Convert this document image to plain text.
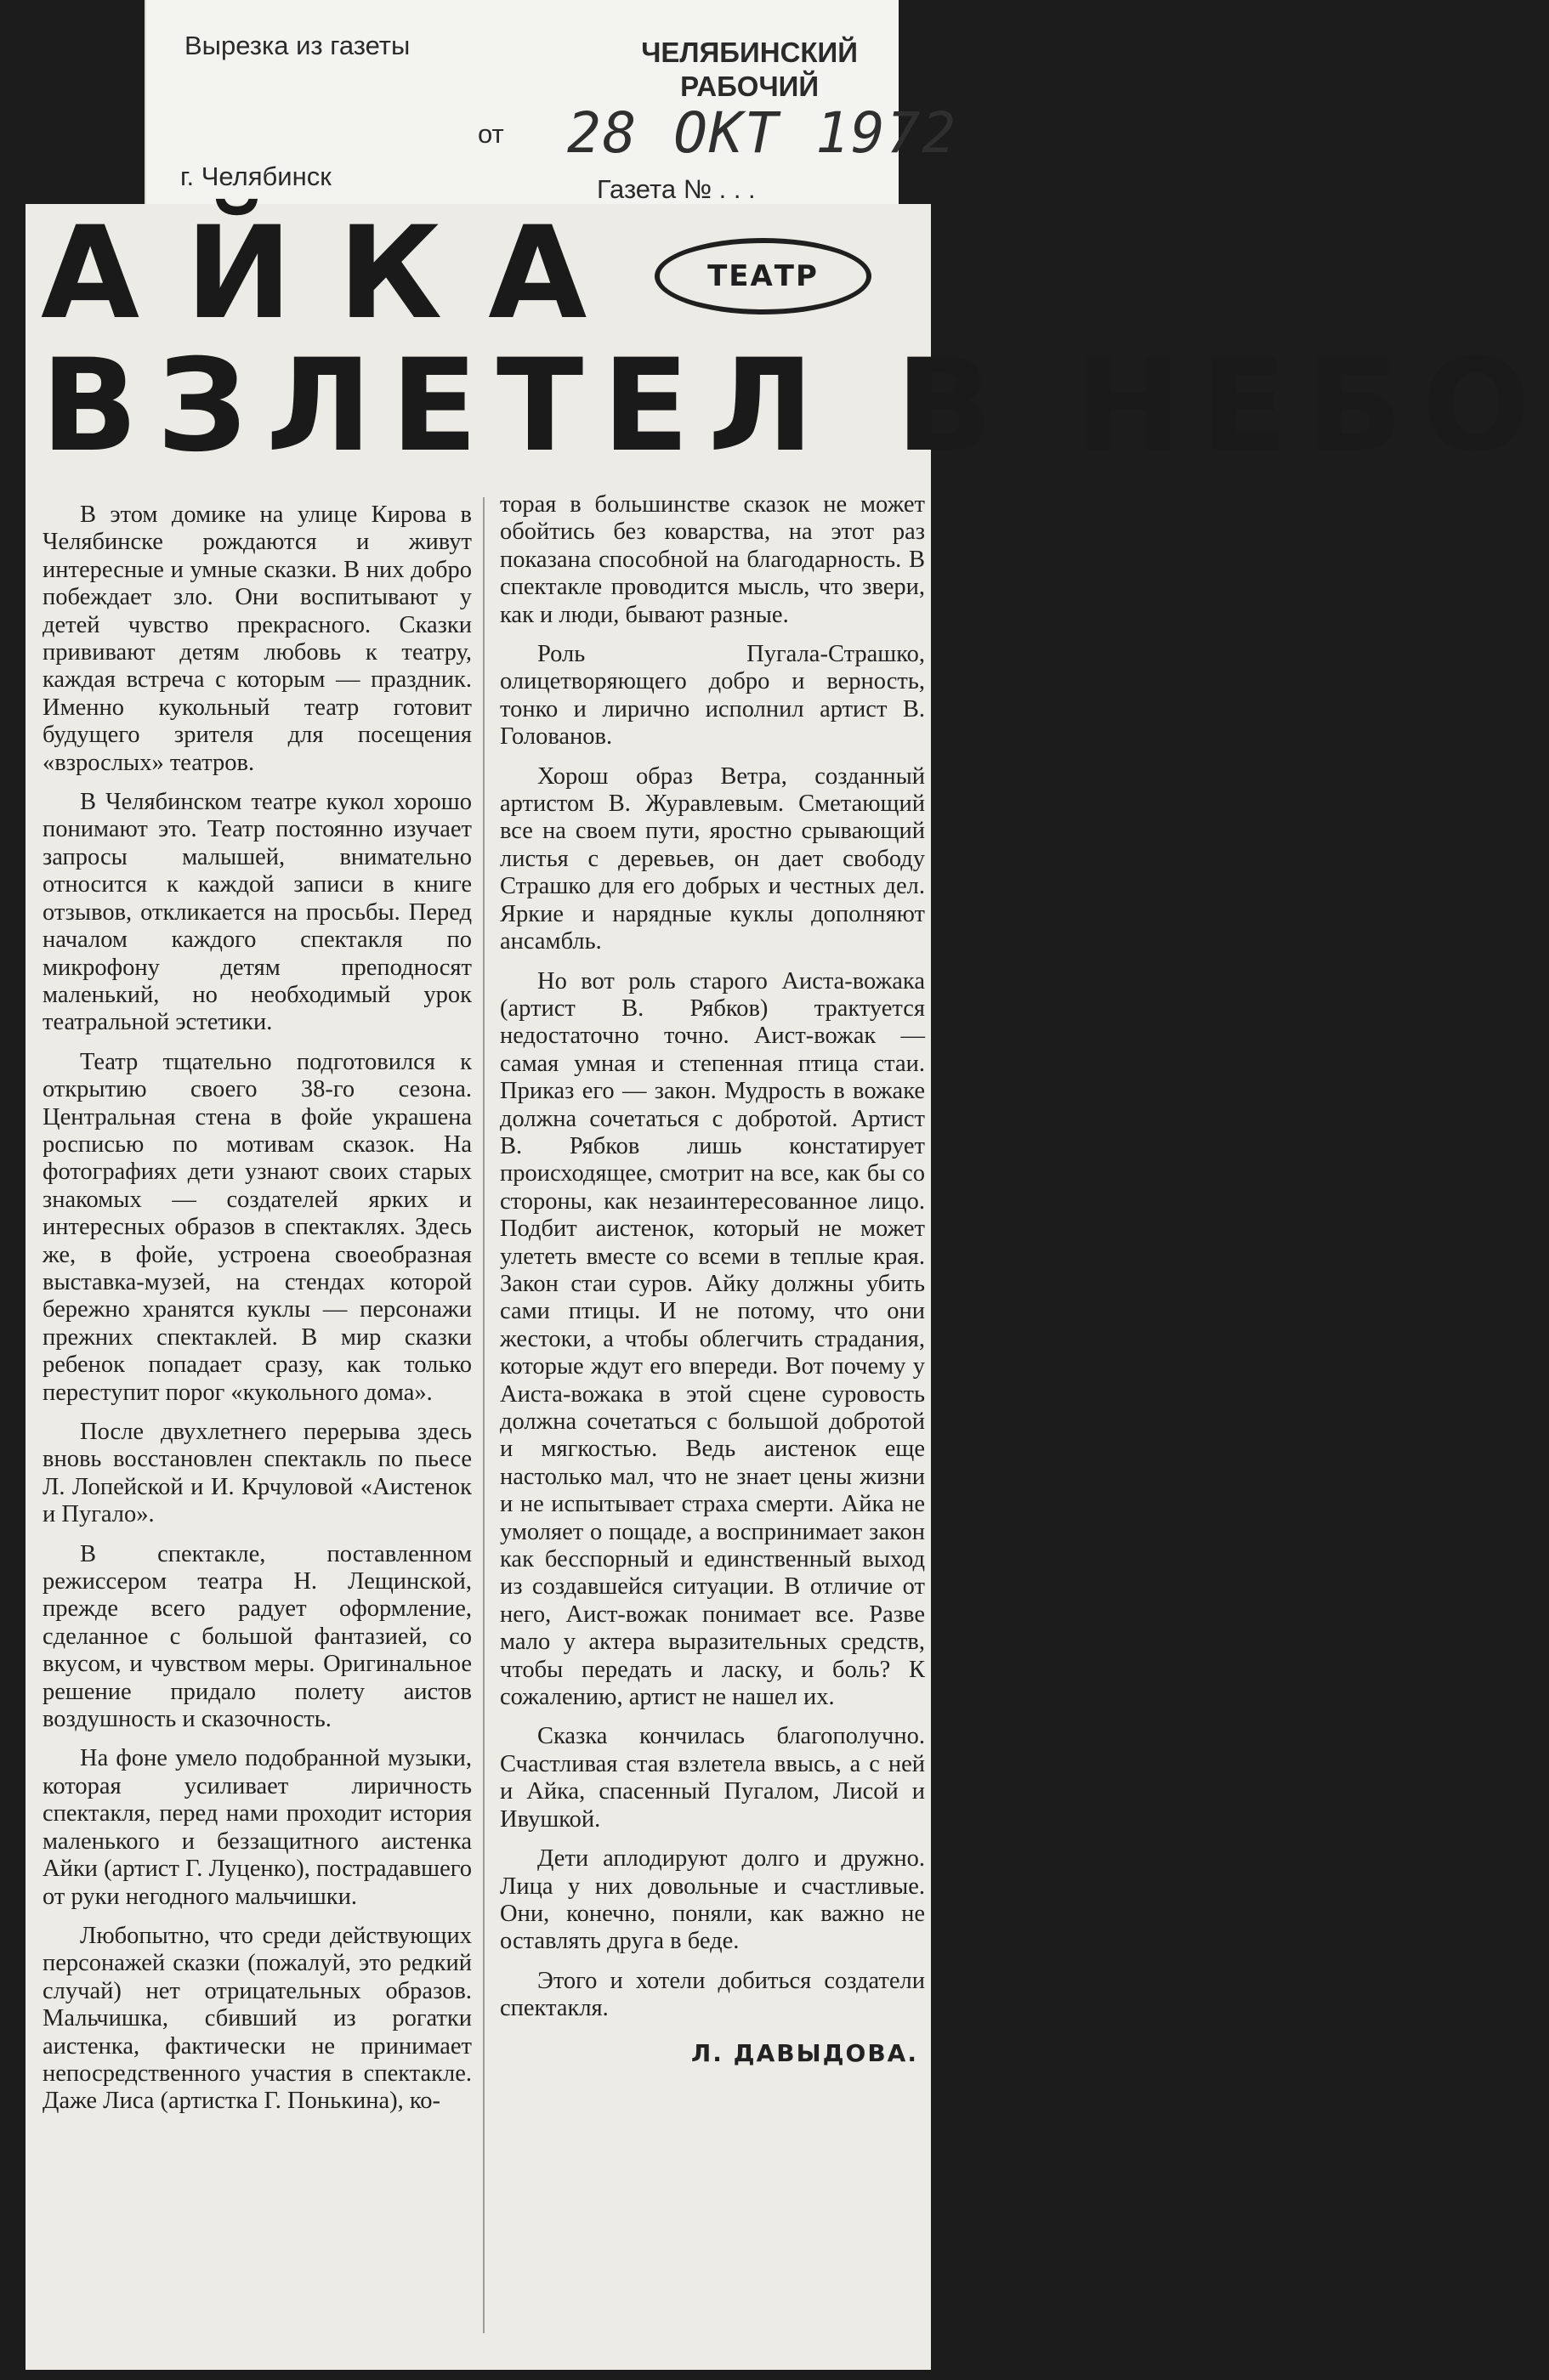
Вырезка из газеты	ЧЕЛЯБИНСКИЙ
РАБОЧИЙ
от 28 ОКТ 1972
г. Челябинск	Газета № . . .
АЙКА	ТЕАТР
ВЗЛЕТЕЛ В НЕБО

В этом домике на улице Кирова в Челябинске рождаются и живут интересные и умные сказки. В них добро побеждает зло. Они воспитывают у детей чувство прекрасного. Сказки прививают детям любовь к театру, каждая встреча с которым — праздник. Именно кукольный театр готовит будущего зрителя для посещения «взрослых» театров.

В Челябинском театре кукол хорошо понимают это. Театр постоянно изучает запросы малышей, внимательно относится к каждой записи в книге отзывов, откликается на просьбы. Перед началом каждого спектакля по микрофону детям преподносят маленький, но необходимый урок театральной эстетики.

Театр тщательно подготовился к открытию своего 38-го сезона. Центральная стена в фойе украшена росписью по мотивам сказок. На фотографиях дети узнают своих старых знакомых — создателей ярких и интересных образов в спектаклях. Здесь же, в фойе, устроена своеобразная выставка-музей, на стендах которой бережно хранятся куклы — персонажи прежних спектаклей. В мир сказки ребенок попадает сразу, как только переступит порог «кукольного дома».

После двухлетнего перерыва здесь вновь восстановлен спектакль по пьесе Л. Лопейской и И. Крчуловой «Аистенок и Пугало».

В спектакле, поставленном режиссером театра Н. Лещинской, прежде всего радует оформление, сделанное с большой фантазией, со вкусом, и чувством меры. Оригинальное решение придало полету аистов воздушность и сказочность.

На фоне умело подобранной музыки, которая усиливает лиричность спектакля, перед нами проходит история маленького и беззащитного аистенка Айки (артист Г. Луценко), пострадавшего от руки негодного мальчишки.

Любопытно, что среди действующих персонажей сказки (пожалуй, это редкий случай) нет отрицательных образов. Мальчишка, сбивший из рогатки аистенка, фактически не принимает непосредственного участия в спектакле. Даже Лиса (артистка Г. Понькина), ко-

торая в большинстве сказок не может обойтись без коварства, на этот раз показана способной на благодарность. В спектакле проводится мысль, что звери, как и люди, бывают разные.

Роль Пугала-Страшко, олицетворяющего добро и верность, тонко и лирично исполнил артист В. Голованов.

Хорош образ Ветра, созданный артистом В. Журавлевым. Сметающий все на своем пути, яростно срывающий листья с деревьев, он дает свободу Страшко для его добрых и честных дел. Яркие и нарядные куклы дополняют ансамбль.

Но вот роль старого Аиста-вожака (артист В. Рябков) трактуется недостаточно точно. Аист-вожак — самая умная и степенная птица стаи. Приказ его — закон. Мудрость в вожаке должна сочетаться с добротой. Артист В. Рябков лишь констатирует происходящее, смотрит на все, как бы со стороны, как незаинтересованное лицо. Подбит аистенок, который не может улететь вместе со всеми в теплые края. Закон стаи суров. Айку должны убить сами птицы. И не потому, что они жестоки, а чтобы облегчить страдания, которые ждут его впереди. Вот почему у Аиста-вожака в этой сцене суровость должна сочетаться с большой добротой и мягкостью. Ведь аистенок еще настолько мал, что не знает цены жизни и не испытывает страха смерти. Айка не умоляет о пощаде, а воспринимает закон как бесспорный и единственный выход из создавшейся ситуации. В отличие от него, Аист-вожак понимает все. Разве мало у актера выразительных средств, чтобы передать и ласку, и боль? К сожалению, артист не нашел их.

Сказка кончилась благополучно. Счастливая стая взлетела ввысь, а с ней и Айка, спасенный Пугалом, Лисой и Ивушкой.

Дети аплодируют долго и дружно. Лица у них довольные и счастливые. Они, конечно, поняли, как важно не оставлять друга в беде.

Этого и хотели добиться создатели спектакля.

Л. ДАВЫДОВА.
